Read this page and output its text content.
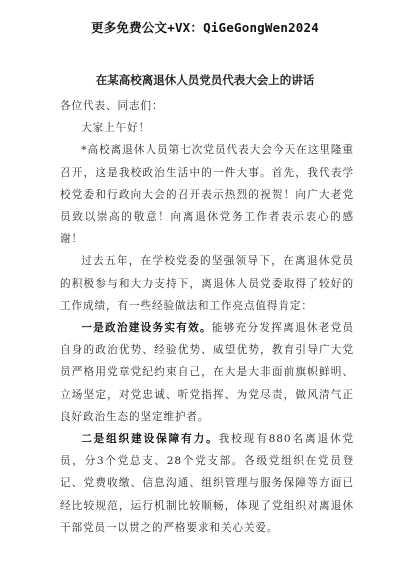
更多免费公文+VX：QiGeGongWen2024
在某高校离退休人员党员代表大会上的讲话

各位代表、同志们：

大家上午好！

*高校离退休人员第七次党员代表大会今天在这里隆重召开，这是我校政治生活中的一件大事。首先，我代表学校党委和行政向大会的召开表示热烈的祝贺！向广大老党员致以崇高的敬意！向离退休党务工作者表示衷心的感谢！

过去五年，在学校党委的坚强领导下，在离退休党员的积极参与和大力支持下，离退休人员党委取得了较好的工作成绩，有一些经验做法和工作亮点值得肯定：

一是政治建设务实有效。能够充分发挥离退休老党员自身的政治优势、经验优势、威望优势，教育引导广大党员严格用党章党纪约束自己，在大是大非面前旗帜鲜明、立场坚定，对党忠诚、听党指挥、为党尽责，做风清气正良好政治生态的坚定维护者。

二是组织建设保障有力。我校现有880名离退休党员，分3个党总支、28个党支部。各级党组织在党员登记、党费收缴、信息沟通、组织管理与服务保障等方面已经比较规范，运行机制比较顺畅，体现了党组织对离退休干部党员一以贯之的严格要求和关心关爱。
